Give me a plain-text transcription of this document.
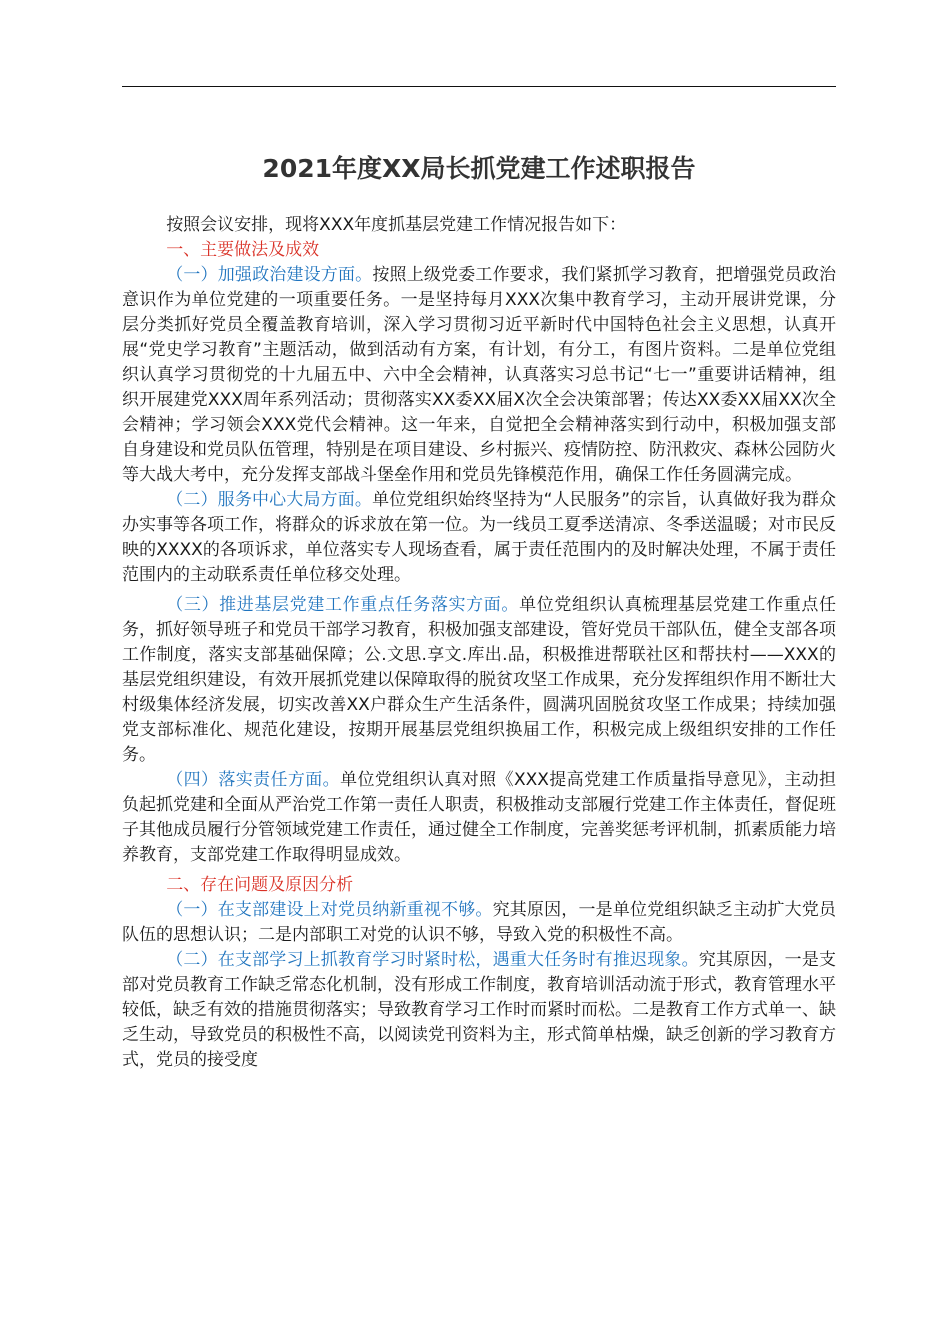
2021年度XX局长抓党建工作述职报告

按照会议安排，现将XXX年度抓基层党建工作情况报告如下：

一、主要做法及成效

（一）加强政治建设方面。按照上级党委工作要求，我们紧抓学习教育，把增强党员政治意识作为单位党建的一项重要任务。一是坚持每月XXX次集中教育学习，主动开展讲党课，分层分类抓好党员全覆盖教育培训，深入学习贯彻习近平新时代中国特色社会主义思想，认真开展“党史学习教育”主题活动，做到活动有方案，有计划，有分工，有图片资料。二是单位党组织认真学习贯彻党的十九届五中、六中全会精神，认真落实习总书记“七一”重要讲话精神，组织开展建党XXX周年系列活动；贯彻落实XX委XX届X次全会决策部署；传达XX委XX届XX次全会精神；学习领会XXX党代会精神。这一年来，自觉把全会精神落实到行动中，积极加强支部自身建设和党员队伍管理，特别是在项目建设、乡村振兴、疫情防控、防汛救灾、森林公园防火等大战大考中，充分发挥支部战斗堡垒作用和党员先锋模范作用，确保工作任务圆满完成。

（二）服务中心大局方面。单位党组织始终坚持为“人民服务”的宗旨，认真做好我为群众办实事等各项工作，将群众的诉求放在第一位。为一线员工夏季送清凉、冬季送温暖；对市民反映的XXXX的各项诉求，单位落实专人现场查看，属于责任范围内的及时解决处理，不属于责任范围内的主动联系责任单位移交处理。

（三）推进基层党建工作重点任务落实方面。单位党组织认真梳理基层党建工作重点任务，抓好领导班子和党员干部学习教育，积极加强支部建设，管好党员干部队伍，健全支部各项工作制度，落实支部基础保障；公.文思.享文.库出.品，积极推进帮联社区和帮扶村——XXX的基层党组织建设，有效开展抓党建以保障取得的脱贫攻坚工作成果，充分发挥组织作用不断壮大村级集体经济发展，切实改善XX户群众生产生活条件，圆满巩固脱贫攻坚工作成果；持续加强党支部标准化、规范化建设，按期开展基层党组织换届工作，积极完成上级组织安排的工作任务。

（四）落实责任方面。单位党组织认真对照《XXX提高党建工作质量指导意见》，主动担负起抓党建和全面从严治党工作第一责任人职责，积极推动支部履行党建工作主体责任，督促班子其他成员履行分管领域党建工作责任，通过健全工作制度，完善奖惩考评机制，抓素质能力培养教育，支部党建工作取得明显成效。

二、存在问题及原因分析

（一）在支部建设上对党员纳新重视不够。究其原因，一是单位党组织缺乏主动扩大党员队伍的思想认识；二是内部职工对党的认识不够，导致入党的积极性不高。

（二）在支部学习上抓教育学习时紧时松，遇重大任务时有推迟现象。究其原因，一是支部对党员教育工作缺乏常态化机制，没有形成工作制度，教育培训活动流于形式，教育管理水平较低，缺乏有效的措施贯彻落实；导致教育学习工作时而紧时而松。二是教育工作方式单一、缺乏生动，导致党员的积极性不高，以阅读党刊资料为主，形式简单枯燥，缺乏创新的学习教育方式，党员的接受度
